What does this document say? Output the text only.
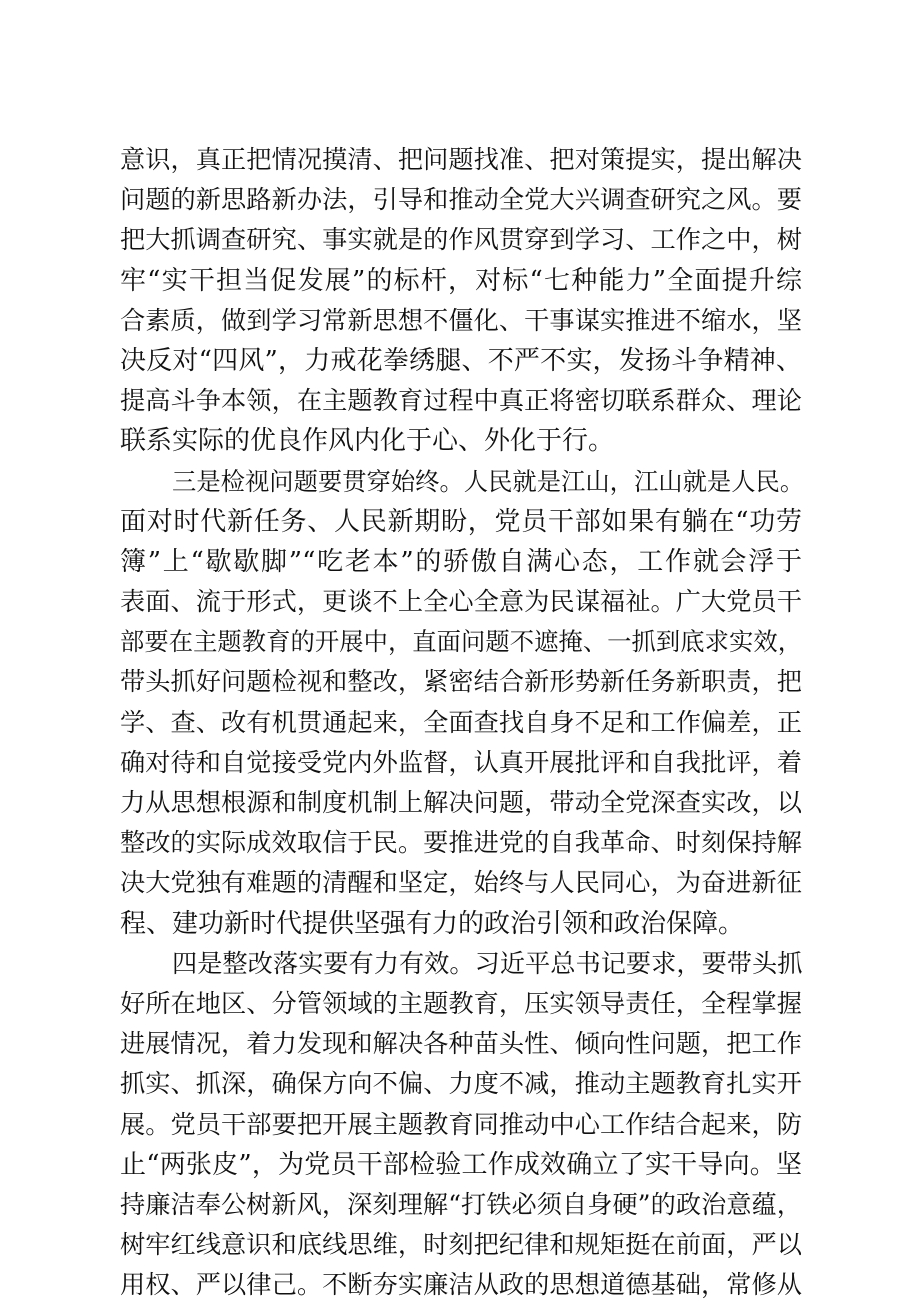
意识，真正把情况摸清、把问题找准、把对策提实，提出解决
问题的新思路新办法，引导和推动全党大兴调查研究之风。要
把大抓调查研究、事实就是的作风贯穿到学习、工作之中，树
牢“实干担当促发展”的标杆，对标“七种能力”全面提升综
合素质，做到学习常新思想不僵化、干事谋实推进不缩水，坚
决反对“四风”，力戒花拳绣腿、不严不实，发扬斗争精神、
提高斗争本领，在主题教育过程中真正将密切联系群众、理论
联系实际的优良作风内化于心、外化于行。
三是检视问题要贯穿始终。人民就是江山，江山就是人民。
面对时代新任务、人民新期盼，党员干部如果有躺在“功劳
簿”上“歇歇脚”“吃老本”的骄傲自满心态，工作就会浮于
表面、流于形式，更谈不上全心全意为民谋福祉。广大党员干
部要在主题教育的开展中，直面问题不遮掩、一抓到底求实效，
带头抓好问题检视和整改，紧密结合新形势新任务新职责，把
学、查、改有机贯通起来，全面查找自身不足和工作偏差，正
确对待和自觉接受党内外监督，认真开展批评和自我批评，着
力从思想根源和制度机制上解决问题，带动全党深查实改，以
整改的实际成效取信于民。要推进党的自我革命、时刻保持解
决大党独有难题的清醒和坚定，始终与人民同心，为奋进新征
程、建功新时代提供坚强有力的政治引领和政治保障。
四是整改落实要有力有效。习近平总书记要求，要带头抓
好所在地区、分管领域的主题教育，压实领导责任，全程掌握
进展情况，着力发现和解决各种苗头性、倾向性问题，把工作
抓实、抓深，确保方向不偏、力度不减，推动主题教育扎实开
展。党员干部要把开展主题教育同推动中心工作结合起来，防
止“两张皮”，为党员干部检验工作成效确立了实干导向。坚
持廉洁奉公树新风，深刻理解“打铁必须自身硬”的政治意蕴，
树牢红线意识和底线思维，时刻把纪律和规矩挺在前面，严以
用权、严以律己。不断夯实廉洁从政的思想道德基础，常修从
